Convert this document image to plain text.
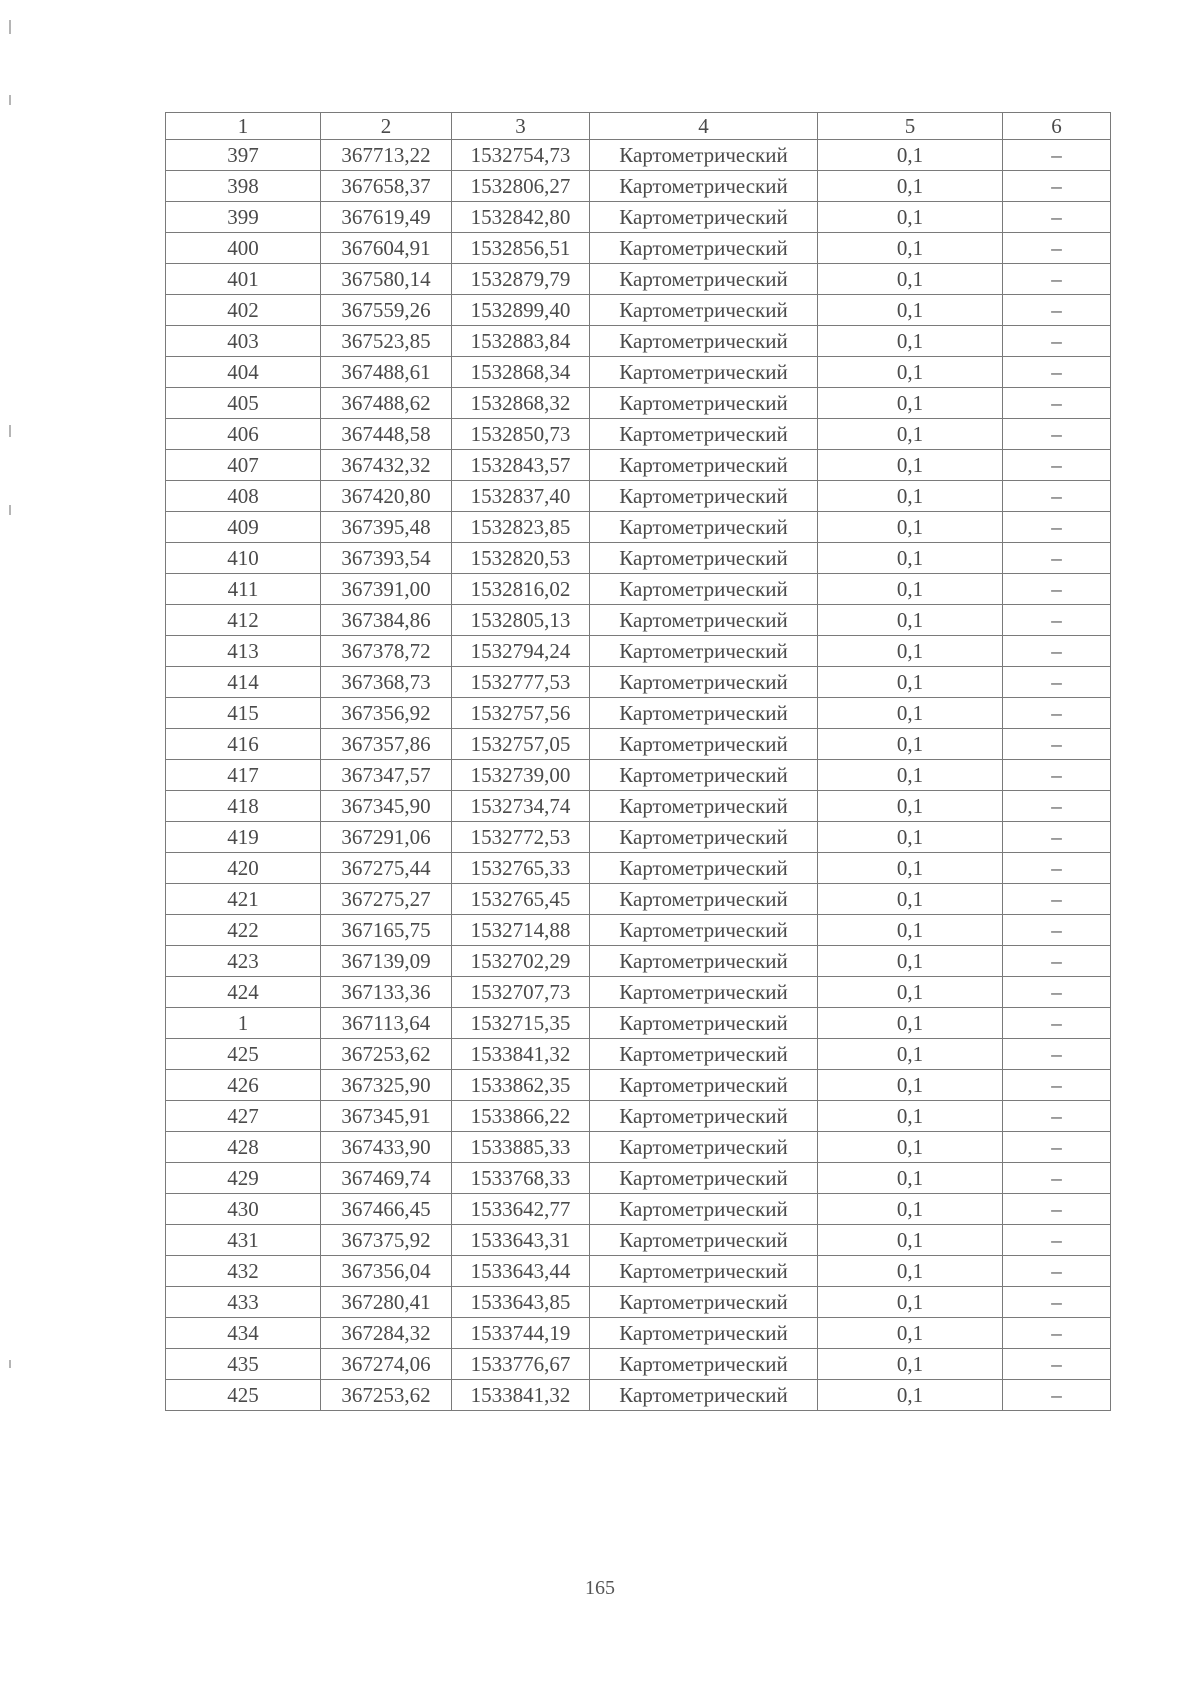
1	2	3	4	5	6
397	367713,22	1532754,73	Картометрический	0,1	–
398	367658,37	1532806,27	Картометрический	0,1	–
399	367619,49	1532842,80	Картометрический	0,1	–
400	367604,91	1532856,51	Картометрический	0,1	–
401	367580,14	1532879,79	Картометрический	0,1	–
402	367559,26	1532899,40	Картометрический	0,1	–
403	367523,85	1532883,84	Картометрический	0,1	–
404	367488,61	1532868,34	Картометрический	0,1	–
405	367488,62	1532868,32	Картометрический	0,1	–
406	367448,58	1532850,73	Картометрический	0,1	–
407	367432,32	1532843,57	Картометрический	0,1	–
408	367420,80	1532837,40	Картометрический	0,1	–
409	367395,48	1532823,85	Картометрический	0,1	–
410	367393,54	1532820,53	Картометрический	0,1	–
411	367391,00	1532816,02	Картометрический	0,1	–
412	367384,86	1532805,13	Картометрический	0,1	–
413	367378,72	1532794,24	Картометрический	0,1	–
414	367368,73	1532777,53	Картометрический	0,1	–
415	367356,92	1532757,56	Картометрический	0,1	–
416	367357,86	1532757,05	Картометрический	0,1	–
417	367347,57	1532739,00	Картометрический	0,1	–
418	367345,90	1532734,74	Картометрический	0,1	–
419	367291,06	1532772,53	Картометрический	0,1	–
420	367275,44	1532765,33	Картометрический	0,1	–
421	367275,27	1532765,45	Картометрический	0,1	–
422	367165,75	1532714,88	Картометрический	0,1	–
423	367139,09	1532702,29	Картометрический	0,1	–
424	367133,36	1532707,73	Картометрический	0,1	–
1	367113,64	1532715,35	Картометрический	0,1	–
425	367253,62	1533841,32	Картометрический	0,1	–
426	367325,90	1533862,35	Картометрический	0,1	–
427	367345,91	1533866,22	Картометрический	0,1	–
428	367433,90	1533885,33	Картометрический	0,1	–
429	367469,74	1533768,33	Картометрический	0,1	–
430	367466,45	1533642,77	Картометрический	0,1	–
431	367375,92	1533643,31	Картометрический	0,1	–
432	367356,04	1533643,44	Картометрический	0,1	–
433	367280,41	1533643,85	Картометрический	0,1	–
434	367284,32	1533744,19	Картометрический	0,1	–
435	367274,06	1533776,67	Картометрический	0,1	–
425	367253,62	1533841,32	Картометрический	0,1	–
165
